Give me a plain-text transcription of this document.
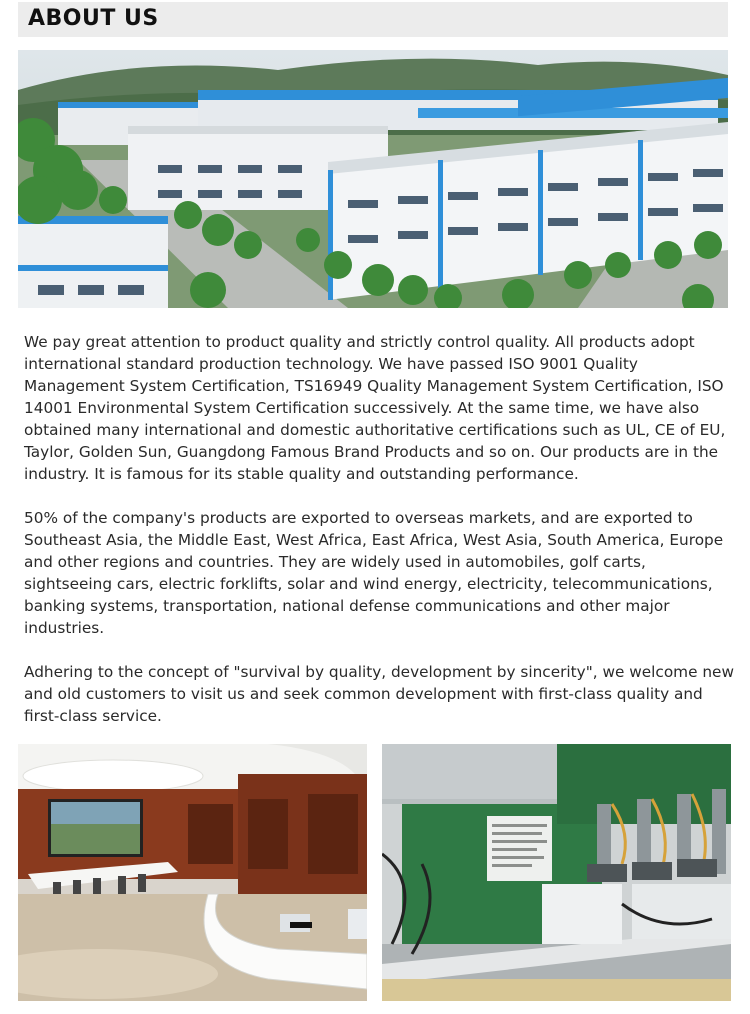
ABOUT US

We pay great attention to product quality and strictly control quality. All products adopt international standard production technology. We have passed ISO 9001 Quality Management System Certification, TS16949 Quality Management System Certification, ISO 14001 Environmental System Certification successively. At the same time, we have also obtained many international and domestic authoritative certifications such as UL, CE of EU, Taylor, Golden Sun, Guangdong Famous Brand Products and so on. Our products are in the industry. It is famous for its stable quality and outstanding performance.

50% of the company's products are exported to overseas markets, and are exported to Southeast Asia, the Middle East, West Africa, East Africa, West Asia, South America, Europe and other regions and countries. They are widely used in automobiles, golf carts, sightseeing cars, electric forklifts, solar and wind energy, electricity, telecommunications, banking systems, transportation, national defense communications and other major industries.

Adhering to the concept of "survival by quality, development by sincerity", we welcome new and old customers to visit us and seek common development with first-class quality and first-class service.
